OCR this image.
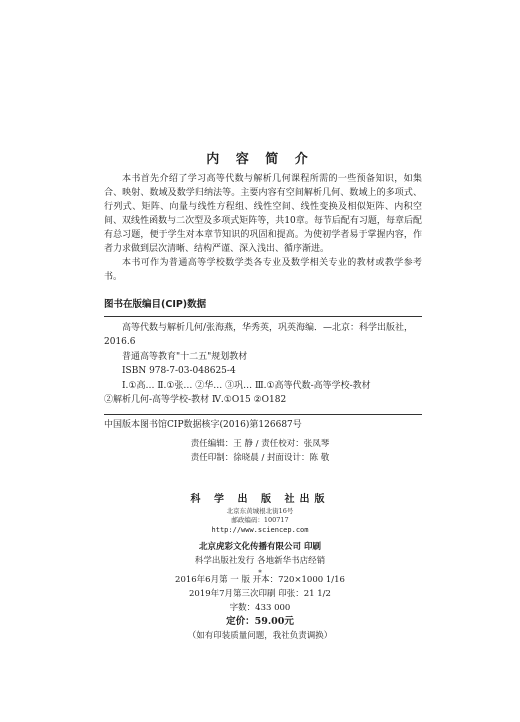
内 容 简 介

本书首先介绍了学习高等代数与解析几何课程所需的一些预备知识，如集合、映射、数域及数学归纳法等。主要内容有空间解析几何、数域上的多项式、行列式、矩阵、向量与线性方程组、线性空间、线性变换及相似矩阵、内积空间、双线性函数与二次型及多项式矩阵等，共10章。每节后配有习题，每章后配有总习题，便于学生对本章节知识的巩固和提高。为使初学者易于掌握内容，作者力求做到层次清晰、结构严谨、深入浅出、循序渐进。

本书可作为普通高等学校数学类各专业及数学相关专业的教材或教学参考书。

图书在版编目(CIP)数据
高等代数与解析几何/张海燕，华秀英，巩英海编．—北京：科学出版社，
2016.6
普通高等教育"十二五"规划教材
ISBN 978-7-03-048625-4
Ⅰ.①高… Ⅱ.①张… ②华… ③巩… Ⅲ.①高等代数-高等学校-教材
②解析几何-高等学校-教材 Ⅳ.①O15 ②O182
中国版本图书馆CIP数据核字(2016)第126687号
责任编辑：王 静 / 责任校对：张凤琴
责任印制：徐晓晨 / 封面设计：陈 敬
科 学 出 版 社出版
北京东黄城根北街16号
邮政编码：100717
http://www.sciencep.com
北京虎彩文化传播有限公司 印刷
科学出版社发行 各地新华书店经销
*
2016年6月第 一 版 开本：720×1000 1/16
2019年7月第三次印刷 印张：21 1/2
字数：433 000
定价：59.00元
（如有印装质量问题，我社负责调换）
